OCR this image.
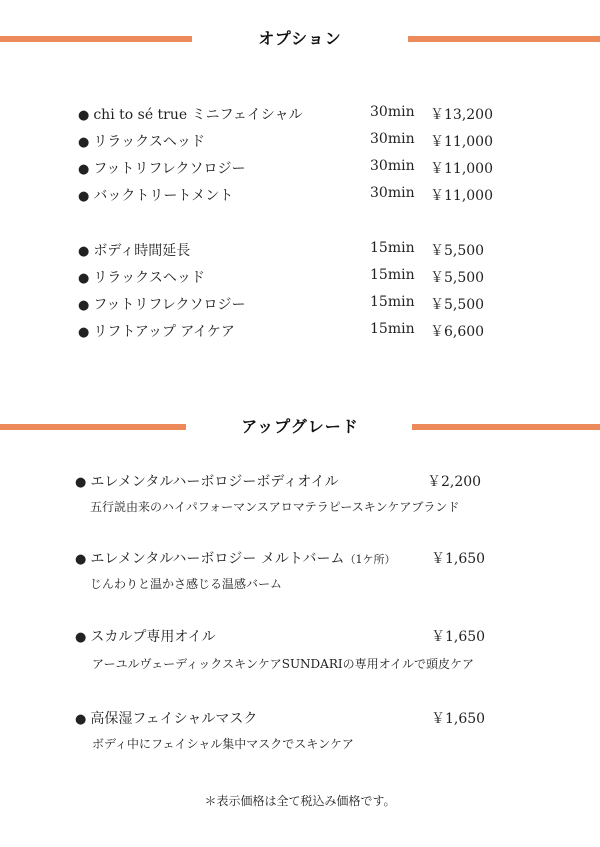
オプション
● chi to sé true ミニフェイシャル	30min ￥13,200
● リラックスヘッド	30min ￥11,000
● フットリフレクソロジー	30min ￥11,000
● バックトリートメント	30min ￥11,000
● ボディ時間延長	15min ￥5,500
● リラックスヘッド	15min ￥5,500
● フットリフレクソロジー	15min ￥5,500
● リフトアップ アイケア	15min ￥6,600
アップグレード
● エレメンタルハーボロジーボディオイル	￥2,200
五行説由来のハイパフォーマンスアロマテラピースキンケアブランド
● エレメンタルハーボロジー メルトバーム（1ケ所）	￥1,650
じんわりと温かさ感じる温感バーム
● スカルプ専用オイル	￥1,650
アーユルヴェーディックスキンケアSUNDARIの専用オイルで頭皮ケア
● 高保湿フェイシャルマスク	￥1,650
ボディ中にフェイシャル集中マスクでスキンケア
＊表示価格は全て税込み価格です。
